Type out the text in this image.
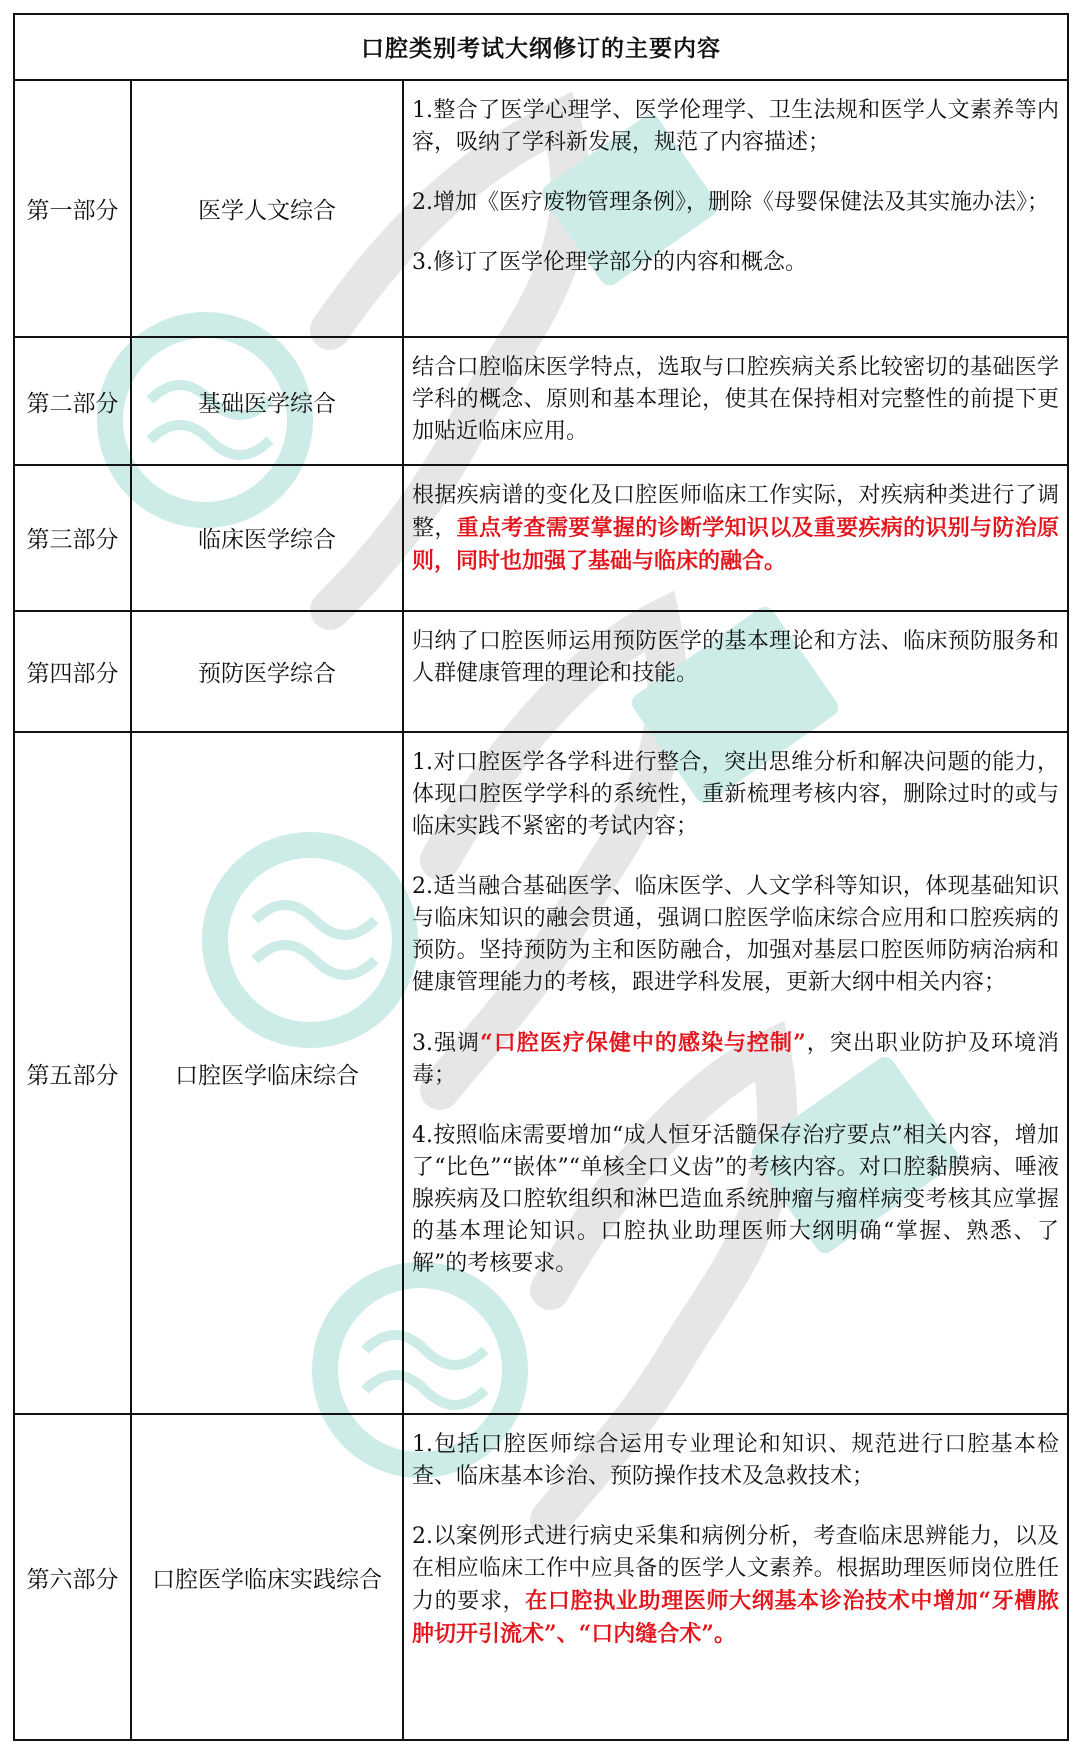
口腔类别考试大纲修订的主要内容		
第一部分	医学人文综合	1.整合了医学心理学、医学伦理学、卫生法规和医学人文素养等内容，吸纳了学科新发展，规范了内容描述；

2.增加《医疗废物管理条例》，删除《母婴保健法及其实施办法》；

3.修订了医学伦理学部分的内容和概念。

第二部分	基础医学综合	结合口腔临床医学特点，选取与口腔疾病关系比较密切的基础医学学科的概念、原则和基本理论，使其在保持相对完整性的前提下更加贴近临床应用。

第三部分	临床医学综合	根据疾病谱的变化及口腔医师临床工作实际，对疾病种类进行了调整，重点考查需要掌握的诊断学知识以及重要疾病的识别与防治原则，同时也加强了基础与临床的融合。

第四部分	预防医学综合	归纳了口腔医师运用预防医学的基本理论和方法、临床预防服务和人群健康管理的理论和技能。

第五部分	口腔医学临床综合	1.对口腔医学各学科进行整合，突出思维分析和解决问题的能力，体现口腔医学学科的系统性，重新梳理考核内容，删除过时的或与临床实践不紧密的考试内容；

2.适当融合基础医学、临床医学、人文学科等知识，体现基础知识与临床知识的融会贯通，强调口腔医学临床综合应用和口腔疾病的预防。坚持预防为主和医防融合，加强对基层口腔医师防病治病和健康管理能力的考核，跟进学科发展，更新大纲中相关内容；

3.强调“口腔医疗保健中的感染与控制”，突出职业防护及环境消毒；

4.按照临床需要增加“成人恒牙活髓保存治疗要点”相关内容，增加了“比色”“嵌体”“单核全口义齿”的考核内容。对口腔黏膜病、唾液腺疾病及口腔软组织和淋巴造血系统肿瘤与瘤样病变考核其应掌握的基本理论知识。口腔执业助理医师大纲明确“掌握、熟悉、了解”的考核要求。

第六部分	口腔医学临床实践综合	1.包括口腔医师综合运用专业理论和知识、规范进行口腔基本检查、临床基本诊治、预防操作技术及急救技术；

2.以案例形式进行病史采集和病例分析，考查临床思辨能力，以及在相应临床工作中应具备的医学人文素养。根据助理医师岗位胜任力的要求，在口腔执业助理医师大纲基本诊治技术中增加“牙槽脓肿切开引流术”、“口内缝合术”。
